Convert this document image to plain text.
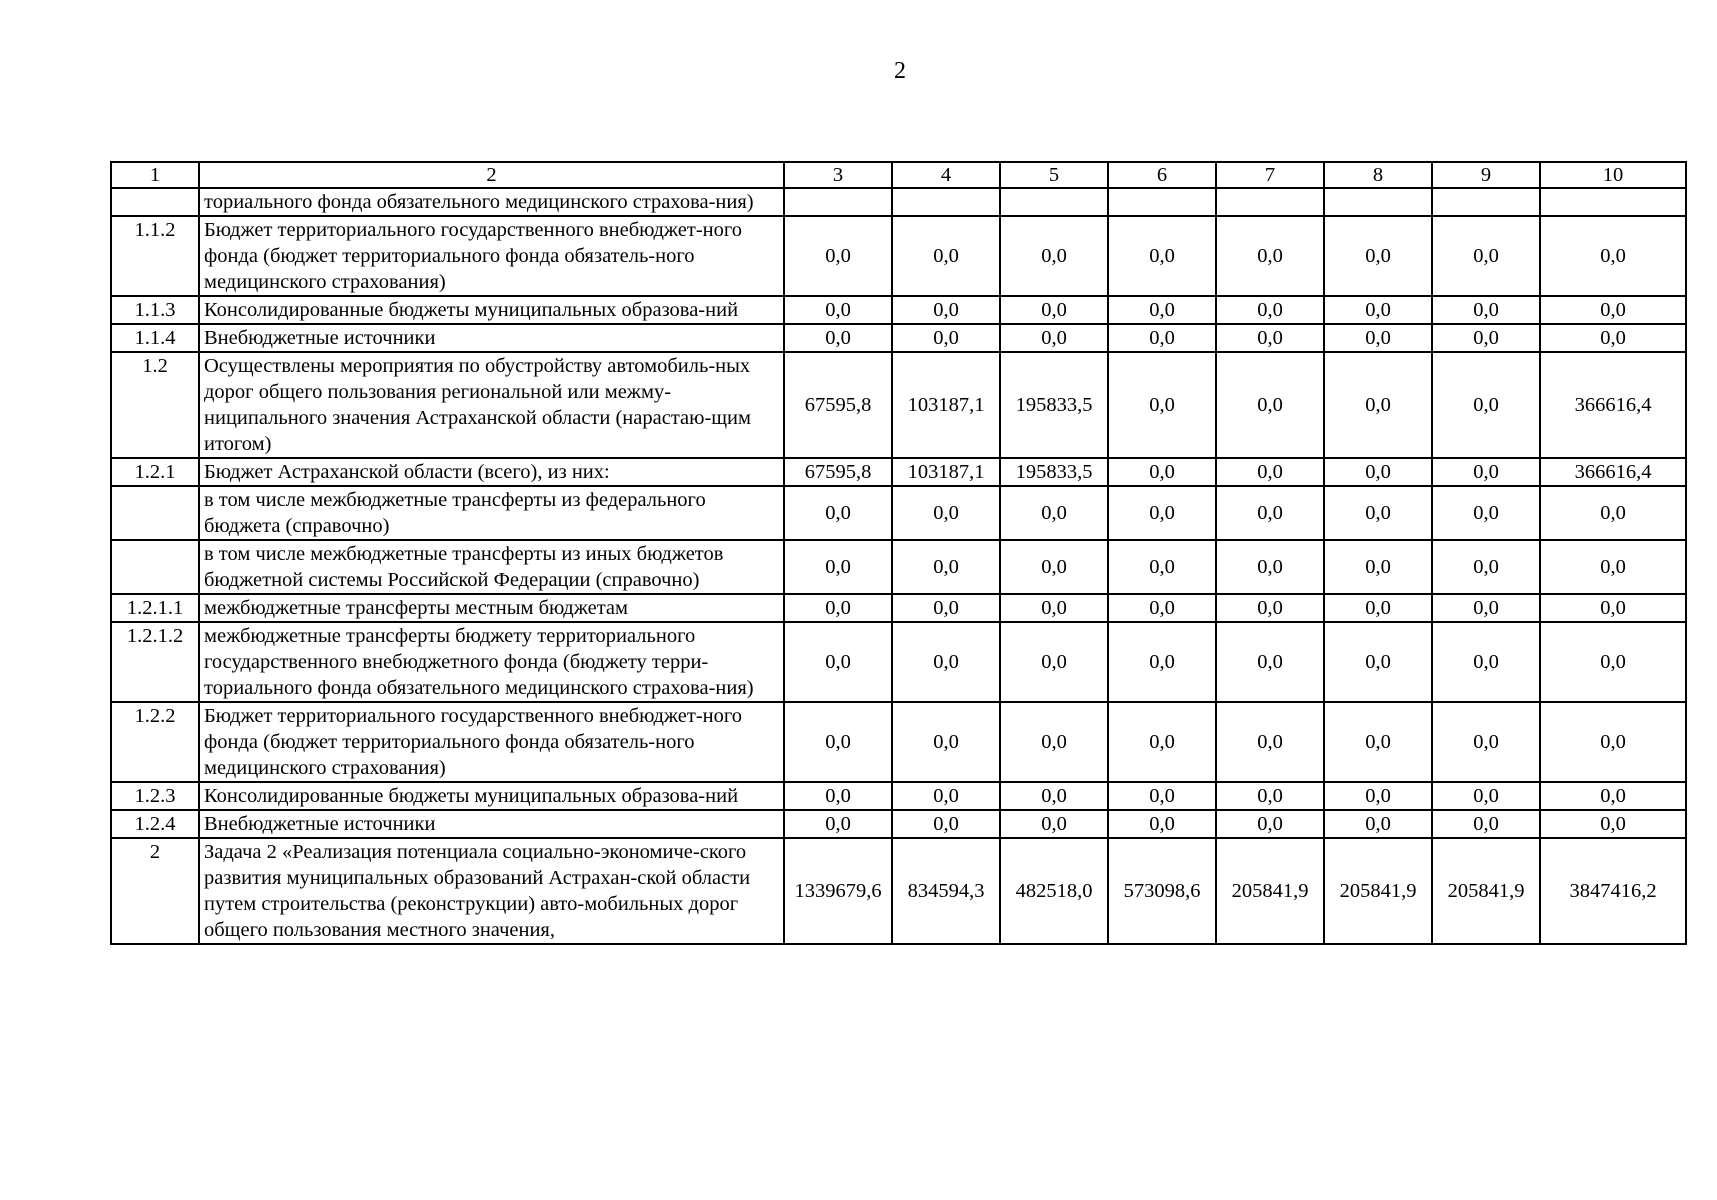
2
1	2	3	4	5	6	7	8	9	10
	ториального фонда обязательного медицинского страхова-ния)								
1.1.2	Бюджет территориального государственного внебюджет-ного фонда (бюджет территориального фонда обязатель-ного медицинского страхования)	0,0	0,0	0,0	0,0	0,0	0,0	0,0	0,0
1.1.3	Консолидированные бюджеты муниципальных образова-ний	0,0	0,0	0,0	0,0	0,0	0,0	0,0	0,0
1.1.4	Внебюджетные источники	0,0	0,0	0,0	0,0	0,0	0,0	0,0	0,0
1.2	Осуществлены мероприятия по обустройству автомобиль-ных дорог общего пользования региональной или межму-ниципального значения Астраханской области (нарастаю-щим итогом)	67595,8	103187,1	195833,5	0,0	0,0	0,0	0,0	366616,4
1.2.1	Бюджет Астраханской области (всего), из них:	67595,8	103187,1	195833,5	0,0	0,0	0,0	0,0	366616,4
	в том числе межбюджетные трансферты из федерального бюджета (справочно)	0,0	0,0	0,0	0,0	0,0	0,0	0,0	0,0
	в том числе межбюджетные трансферты из иных бюджетов бюджетной системы Российской Федерации (справочно)	0,0	0,0	0,0	0,0	0,0	0,0	0,0	0,0
1.2.1.1	межбюджетные трансферты местным бюджетам	0,0	0,0	0,0	0,0	0,0	0,0	0,0	0,0
1.2.1.2	межбюджетные трансферты бюджету территориального государственного внебюджетного фонда (бюджету терри-ториального фонда обязательного медицинского страхова-ния)	0,0	0,0	0,0	0,0	0,0	0,0	0,0	0,0
1.2.2	Бюджет территориального государственного внебюджет-ного фонда (бюджет территориального фонда обязатель-ного медицинского страхования)	0,0	0,0	0,0	0,0	0,0	0,0	0,0	0,0
1.2.3	Консолидированные бюджеты муниципальных образова-ний	0,0	0,0	0,0	0,0	0,0	0,0	0,0	0,0
1.2.4	Внебюджетные источники	0,0	0,0	0,0	0,0	0,0	0,0	0,0	0,0
2	Задача 2 «Реализация потенциала социально-экономиче-ского развития муниципальных образований Астрахан-ской области путем строительства (реконструкции) авто-мобильных дорог общего пользования местного значения,	1339679,6	834594,3	482518,0	573098,6	205841,9	205841,9	205841,9	3847416,2
